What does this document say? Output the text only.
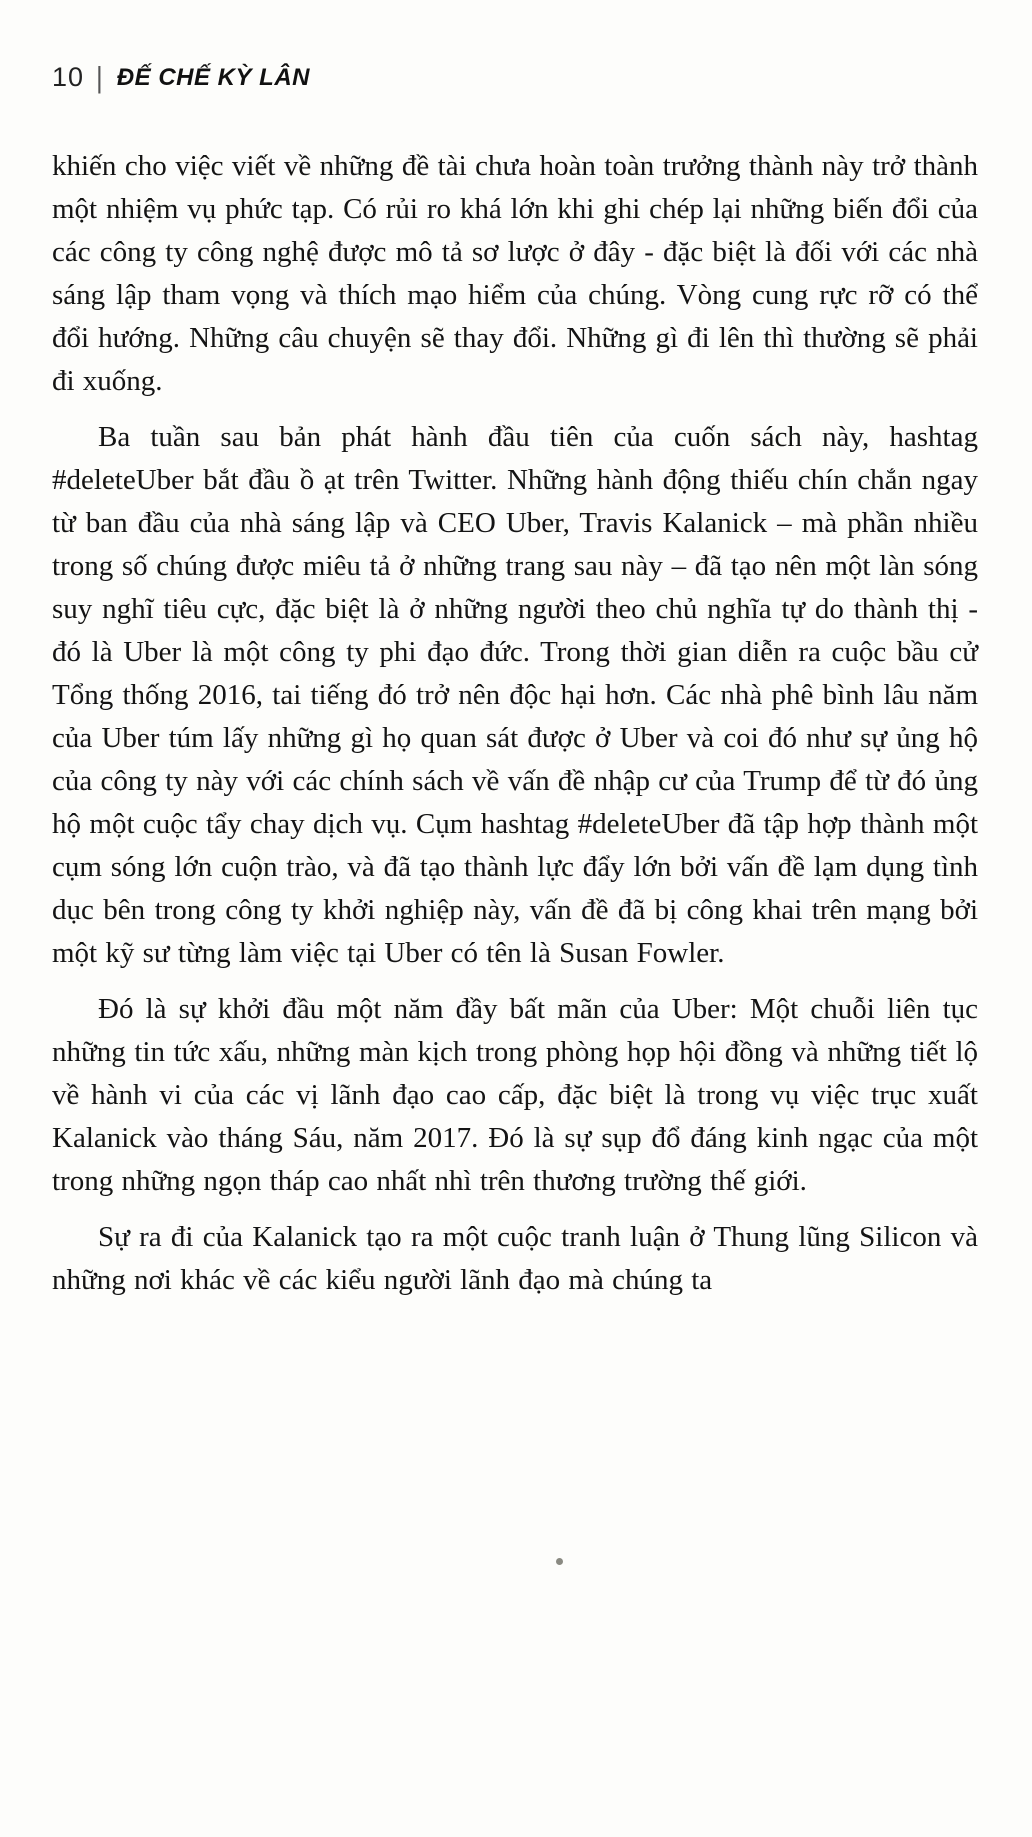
10 | ĐẾ CHẾ KỲ LÂN

khiến cho việc viết về những đề tài chưa hoàn toàn trưởng thành này trở thành một nhiệm vụ phức tạp. Có rủi ro khá lớn khi ghi chép lại những biến đổi của các công ty công nghệ được mô tả sơ lược ở đây - đặc biệt là đối với các nhà sáng lập tham vọng và thích mạo hiểm của chúng. Vòng cung rực rỡ có thể đổi hướng. Những câu chuyện sẽ thay đổi. Những gì đi lên thì thường sẽ phải đi xuống.

Ba tuần sau bản phát hành đầu tiên của cuốn sách này, hashtag #deleteUber bắt đầu ồ ạt trên Twitter. Những hành động thiếu chín chắn ngay từ ban đầu của nhà sáng lập và CEO Uber, Travis Kalanick – mà phần nhiều trong số chúng được miêu tả ở những trang sau này – đã tạo nên một làn sóng suy nghĩ tiêu cực, đặc biệt là ở những người theo chủ nghĩa tự do thành thị - đó là Uber là một công ty phi đạo đức. Trong thời gian diễn ra cuộc bầu cử Tổng thống 2016, tai tiếng đó trở nên độc hại hơn. Các nhà phê bình lâu năm của Uber túm lấy những gì họ quan sát được ở Uber và coi đó như sự ủng hộ của công ty này với các chính sách về vấn đề nhập cư của Trump để từ đó ủng hộ một cuộc tẩy chay dịch vụ. Cụm hashtag #deleteUber đã tập hợp thành một cụm sóng lớn cuộn trào, và đã tạo thành lực đẩy lớn bởi vấn đề lạm dụng tình dục bên trong công ty khởi nghiệp này, vấn đề đã bị công khai trên mạng bởi một kỹ sư từng làm việc tại Uber có tên là Susan Fowler.

Đó là sự khởi đầu một năm đầy bất mãn của Uber: Một chuỗi liên tục những tin tức xấu, những màn kịch trong phòng họp hội đồng và những tiết lộ về hành vi của các vị lãnh đạo cao cấp, đặc biệt là trong vụ việc trục xuất Kalanick vào tháng Sáu, năm 2017. Đó là sự sụp đổ đáng kinh ngạc của một trong những ngọn tháp cao nhất nhì trên thương trường thế giới.

Sự ra đi của Kalanick tạo ra một cuộc tranh luận ở Thung lũng Silicon và những nơi khác về các kiểu người lãnh đạo mà chúng ta
